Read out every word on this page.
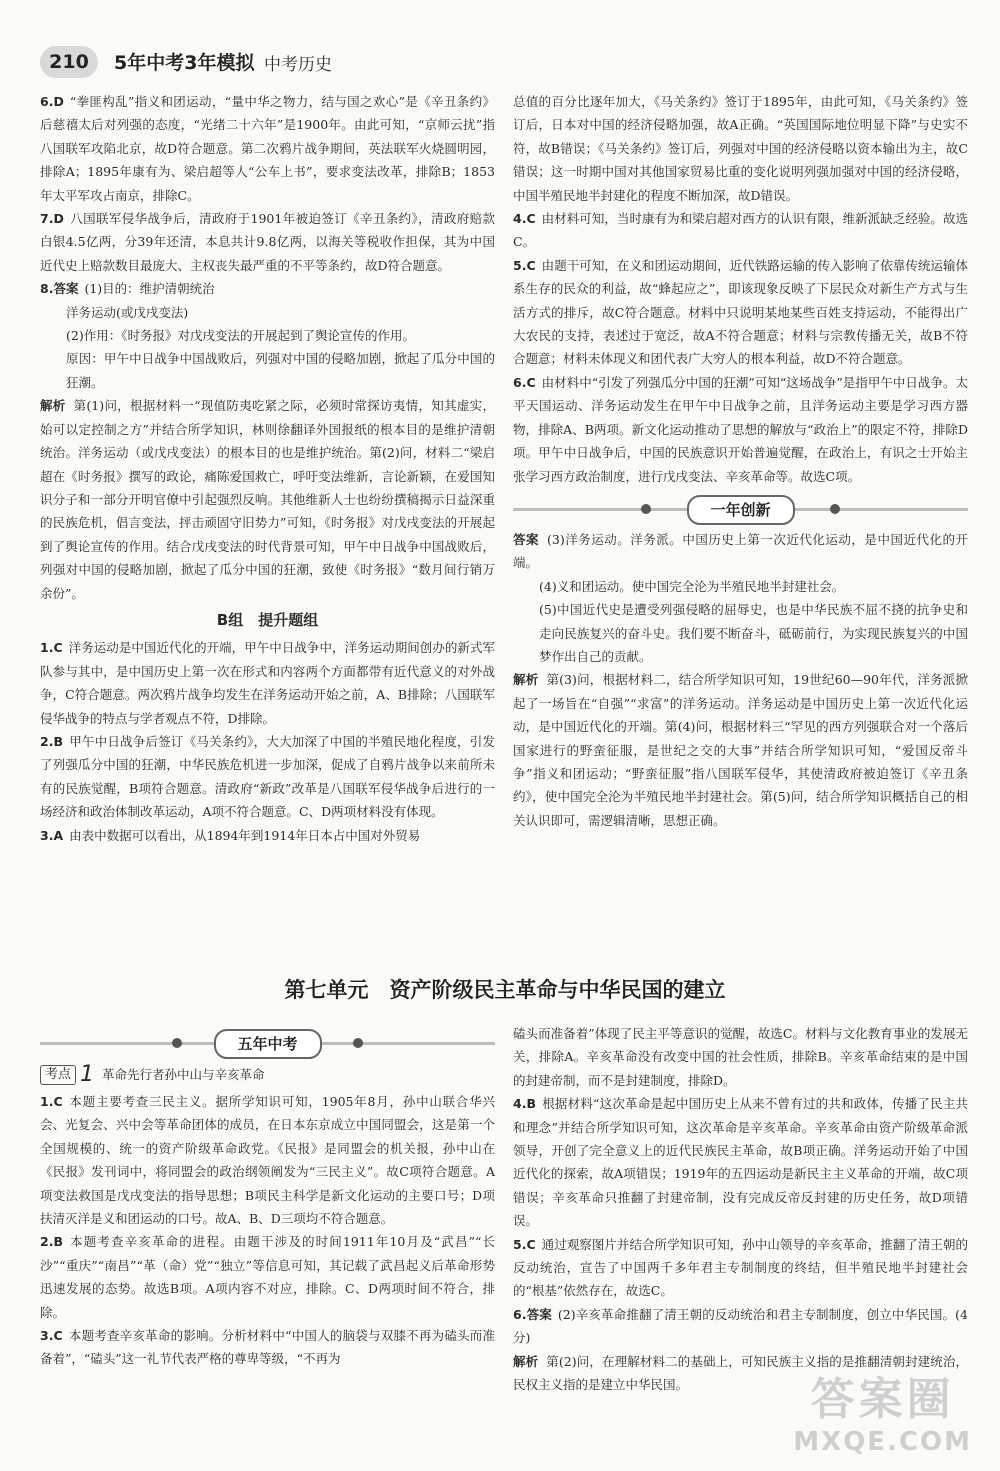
210	5年中考3年模拟 中考历史

6.D “拳匪构乱”指义和团运动，“量中华之物力，结与国之欢心”是《辛丑条约》后慈禧太后对列强的态度，“光绪二十六年”是1900年。由此可知，“京师云扰”指八国联军攻陷北京，故D符合题意。第二次鸦片战争期间，英法联军火烧圆明园，排除A；1895年康有为、梁启超等人“公车上书”，要求变法改革，排除B；1853年太平军攻占南京，排除C。

7.D 八国联军侵华战争后，清政府于1901年被迫签订《辛丑条约》，清政府赔款白银4.5亿两，分39年还清，本息共计9.8亿两，以海关等税收作担保，其为中国近代史上赔款数目最庞大、主权丧失最严重的不平等条约，故D符合题意。

8.答案 (1)目的：维护清朝统治

洋务运动(或戊戌变法)

(2)作用：《时务报》对戊戌变法的开展起到了舆论宣传的作用。

原因：甲午中日战争中国战败后，列强对中国的侵略加剧，掀起了瓜分中国的狂潮。

解析 第(1)问，根据材料一“现值防夷吃紧之际，必须时常探访夷情，知其虚实，始可以定控制之方”并结合所学知识，林则徐翻译外国报纸的根本目的是维护清朝统治。洋务运动（或戊戌变法）的根本目的也是维护统治。第(2)问，材料二“梁启超在《时务报》撰写的政论，痛陈爱国救亡，呼吁变法维新，言论新颖，在爱国知识分子和一部分开明官僚中引起强烈反响。其他维新人士也纷纷撰稿揭示日益深重的民族危机，倡言变法，抨击顽固守旧势力”可知，《时务报》对戊戌变法的开展起到了舆论宣传的作用。结合戊戌变法的时代背景可知，甲午中日战争中国战败后，列强对中国的侵略加剧，掀起了瓜分中国的狂潮，致使《时务报》“数月间行销万余份”。

B组　提升题组

1.C 洋务运动是中国近代化的开端，甲午中日战争中，洋务运动期间创办的新式军队参与其中，是中国历史上第一次在形式和内容两个方面都带有近代意义的对外战争，C符合题意。两次鸦片战争均发生在洋务运动开始之前，A、B排除；八国联军侵华战争的特点与学者观点不符，D排除。

2.B 甲午中日战争后签订《马关条约》，大大加深了中国的半殖民地化程度，引发了列强瓜分中国的狂潮，中华民族危机进一步加深，促成了自鸦片战争以来前所未有的民族觉醒，B项符合题意。清政府“新政”改革是八国联军侵华战争后进行的一场经济和政治体制改革运动，A项不符合题意。C、D两项材料没有体现。

3.A 由表中数据可以看出，从1894年到1914年日本占中国对外贸易

总值的百分比逐年加大，《马关条约》签订于1895年，由此可知，《马关条约》签订后，日本对中国的经济侵略加强，故A正确。“英国国际地位明显下降”与史实不符，故B错误；《马关条约》签订后，列强对中国的经济侵略以资本输出为主，故C错误；这一时期中国对其他国家贸易比重的变化说明列强加强对中国的经济侵略，中国半殖民地半封建化的程度不断加深，故D错误。

4.C 由材料可知，当时康有为和梁启超对西方的认识有限，维新派缺乏经验。故选C。

5.C 由题干可知，在义和团运动期间，近代铁路运输的传入影响了依靠传统运输体系生存的民众的利益，故“蜂起应之”，即该现象反映了下层民众对新生产方式与生活方式的排斥，故C符合题意。材料中只说明某地某些百姓支持运动，不能得出广大农民的支持，表述过于宽泛，故A不符合题意；材料与宗教传播无关，故B不符合题意；材料未体现义和团代表广大穷人的根本利益，故D不符合题意。

6.C 由材料中“引发了列强瓜分中国的狂潮”可知“这场战争”是指甲午中日战争。太平天国运动、洋务运动发生在甲午中日战争之前，且洋务运动主要是学习西方器物，排除A、B两项。新文化运动推动了思想的解放与“政治上”的限定不符，排除D项。甲午中日战争后，中国的民族意识开始普遍觉醒，在政治上，有识之士开始主张学习西方政治制度，进行戊戌变法、辛亥革命等。故选C项。

一年创新

答案 (3)洋务运动。洋务派。中国历史上第一次近代化运动，是中国近代化的开端。

(4)义和团运动。使中国完全沦为半殖民地半封建社会。

(5)中国近代史是遭受列强侵略的屈辱史，也是中华民族不屈不挠的抗争史和走向民族复兴的奋斗史。我们要不断奋斗，砥砺前行，为实现民族复兴的中国梦作出自己的贡献。

解析 第(3)问，根据材料二，结合所学知识可知，19世纪60—90年代，洋务派掀起了一场旨在“自强”“求富”的洋务运动。洋务运动是中国历史上第一次近代化运动，是中国近代化的开端。第(4)问，根据材料三“罕见的西方列强联合对一个落后国家进行的野蛮征服，是世纪之交的大事”并结合所学知识可知，“爱国反帝斗争”指义和团运动；“野蛮征服”指八国联军侵华，其使清政府被迫签订《辛丑条约》，使中国完全沦为半殖民地半封建社会。第(5)问，结合所学知识概括自己的相关认识即可，需逻辑清晰，思想正确。

第七单元　资产阶级民主革命与中华民国的建立
五年中考
考点 1 革命先行者孙中山与辛亥革命

1.C 本题主要考查三民主义。据所学知识可知，1905年8月，孙中山联合华兴会、光复会、兴中会等革命团体的成员，在日本东京成立中国同盟会，这是第一个全国规模的、统一的资产阶级革命政党。《民报》是同盟会的机关报，孙中山在《民报》发刊词中，将同盟会的政治纲领阐发为“三民主义”。故C项符合题意。A项变法救国是戊戌变法的指导思想；B项民主科学是新文化运动的主要口号；D项扶清灭洋是义和团运动的口号。故A、B、D三项均不符合题意。

2.B 本题考查辛亥革命的进程。由题干涉及的时间1911年10月及“武昌”“长沙”“重庆”“南昌”“革（命）党”“独立”等信息可知，其记载了武昌起义后革命形势迅速发展的态势。故选B项。A项内容不对应，排除。C、D两项时间不符合，排除。

3.C 本题考查辛亥革命的影响。分析材料中“中国人的脑袋与双膝不再为磕头而准备着”，“磕头”这一礼节代表严格的尊卑等级，“不再为

磕头而准备着”体现了民主平等意识的觉醒，故选C。材料与文化教育事业的发展无关，排除A。辛亥革命没有改变中国的社会性质，排除B。辛亥革命结束的是中国的封建帝制，而不是封建制度，排除D。

4.B 根据材料“这次革命是起中国历史上从来不曾有过的共和政体，传播了民主共和理念”并结合所学知识可知，这次革命是辛亥革命。辛亥革命由资产阶级革命派领导，开创了完全意义上的近代民族民主革命，故B项正确。洋务运动开始了中国近代化的探索，故A项错误；1919年的五四运动是新民主主义革命的开端，故C项错误；辛亥革命只推翻了封建帝制，没有完成反帝反封建的历史任务，故D项错误。

5.C 通过观察图片并结合所学知识可知，孙中山领导的辛亥革命，推翻了清王朝的反动统治，宣告了中国两千多年君主专制制度的终结，但半殖民地半封建社会的“根基”依然存在，故选C。

6.答案 (2)辛亥革命推翻了清王朝的反动统治和君主专制制度，创立中华民国。(4分)

解析 第(2)问，在理解材料二的基础上，可知民族主义指的是推翻清朝封建统治，民权主义指的是建立中华民国。	答案圈
MXQE.COM
